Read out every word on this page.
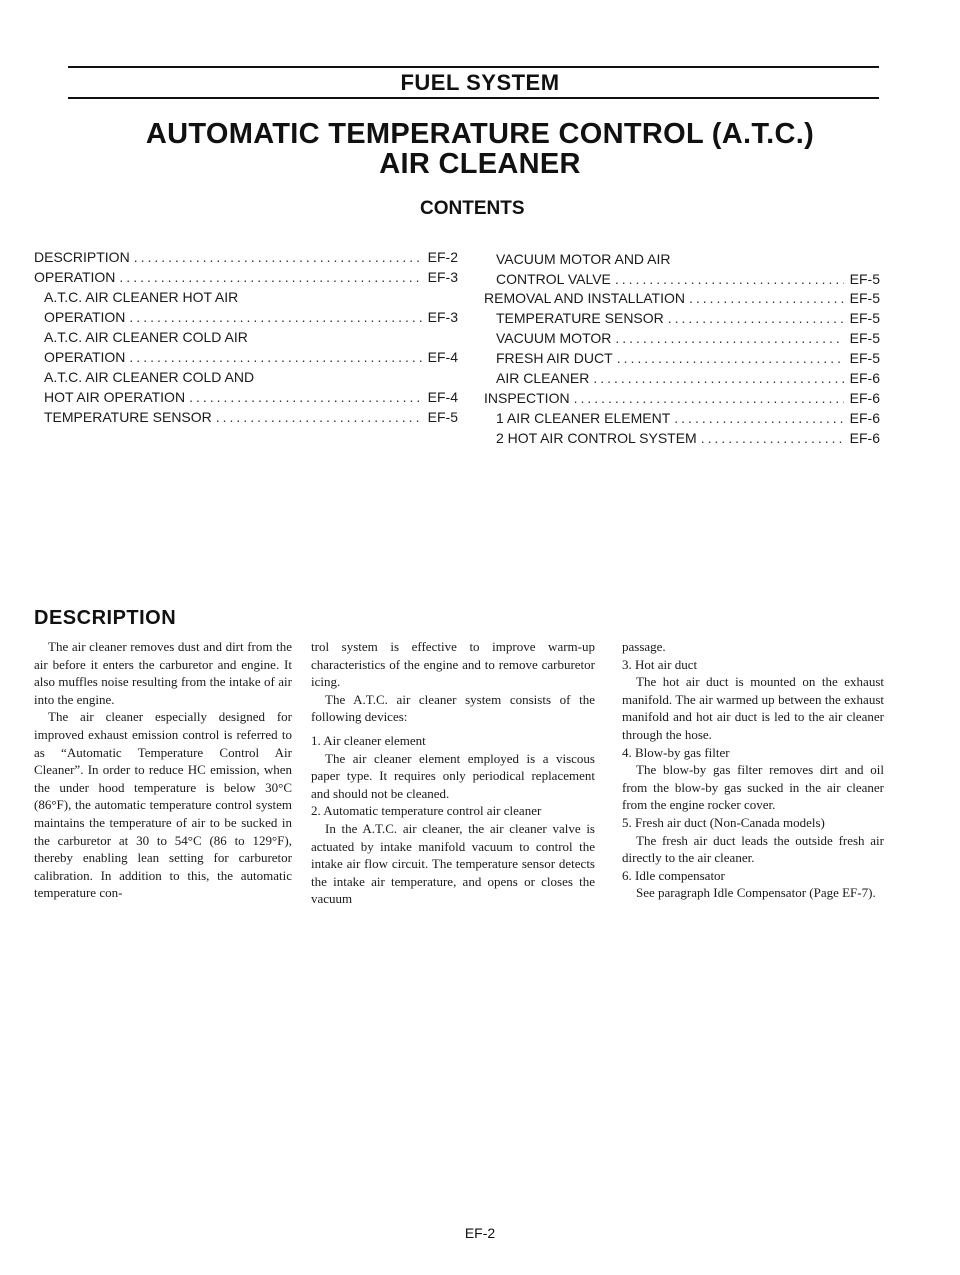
FUEL SYSTEM
AUTOMATIC TEMPERATURE CONTROL (A.T.C.)
AIR CLEANER
CONTENTS
DESCRIPTION .....	EF-2
OPERATION .....	EF-3
A.T.C. AIR CLEANER HOT AIR
OPERATION .....	EF-3
A.T.C. AIR CLEANER COLD AIR
OPERATION .....	EF-4
A.T.C. AIR CLEANER COLD AND
HOT AIR OPERATION .....	EF-4
TEMPERATURE SENSOR .....	EF-5
VACUUM MOTOR AND AIR
CONTROL VALVE .....	EF-5
REMOVAL AND INSTALLATION .....	EF-5
TEMPERATURE SENSOR .....	EF-5
VACUUM MOTOR .....	EF-5
FRESH AIR DUCT .....	EF-5
AIR CLEANER .....	EF-6
INSPECTION .....	EF-6
1 AIR CLEANER ELEMENT .....	EF-6
2 HOT AIR CONTROL SYSTEM .....	EF-6
DESCRIPTION

The air cleaner removes dust and dirt from the air before it enters the carburetor and engine. It also muffles noise resulting from the intake of air into the engine.

The air cleaner especially designed for improved exhaust emission control is referred to as “Automatic Temperature Control Air Cleaner”. In order to reduce HC emission, when the under hood temperature is below 30°C (86°F), the automatic temperature control system maintains the temperature of air to be sucked in the carburetor at 30 to 54°C (86 to 129°F), thereby enabling lean setting for carburetor calibration. In addition to this, the automatic temperature con-

trol system is effective to improve warm-up characteristics of the engine and to remove carburetor icing.

The A.T.C. air cleaner system consists of the following devices:

1. Air cleaner element

The air cleaner element employed is a viscous paper type. It requires only periodical replacement and should not be cleaned.

2. Automatic temperature control air cleaner

In the A.T.C. air cleaner, the air cleaner valve is actuated by intake manifold vacuum to control the intake air flow circuit. The temperature sensor detects the intake air temperature, and opens or closes the vacuum

passage.

3. Hot air duct

The hot air duct is mounted on the exhaust manifold. The air warmed up between the exhaust manifold and hot air duct is led to the air cleaner through the hose.

4. Blow-by gas filter

The blow-by gas filter removes dirt and oil from the blow-by gas sucked in the air cleaner from the engine rocker cover.

5. Fresh air duct (Non-Canada models)

The fresh air duct leads the outside fresh air directly to the air cleaner.

6. Idle compensator

See paragraph Idle Compensator (Page EF-7).

EF-2
